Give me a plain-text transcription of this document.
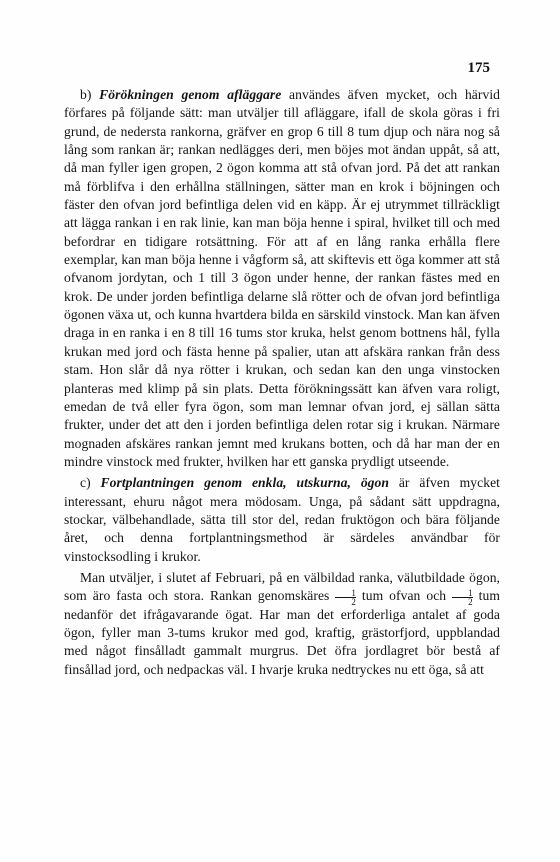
175

b) Förökningen genom afläggare användes äfven mycket, och härvid förfares på följande sätt: man utväljer till afläggare, ifall de skola göras i fri grund, de nedersta rankorna, gräfver en grop 6 till 8 tum djup och nära nog så lång som rankan är; rankan nedlägges deri, men böjes mot ändan uppåt, så att, då man fyller igen gropen, 2 ögon komma att stå ofvan jord. På det att rankan må förblifva i den erhållna ställningen, sätter man en krok i böjningen och fäster den ofvan jord befintliga delen vid en käpp. Är ej utrymmet tillräckligt att lägga rankan i en rak linie, kan man böja henne i spiral, hvilket till och med befordrar en tidigare rotsättning. För att af en lång ranka erhålla flere exemplar, kan man böja henne i vågform så, att skiftevis ett öga kommer att stå ofvanom jordytan, och 1 till 3 ögon under henne, der rankan fästes med en krok. De under jorden befintliga delarne slå rötter och de ofvan jord befintliga ögonen växa ut, och kunna hvartdera bilda en särskild vinstock. Man kan äfven draga in en ranka i en 8 till 16 tums stor kruka, helst genom bottnens hål, fylla krukan med jord och fästa henne på spalier, utan att afskära rankan från dess stam. Hon slår då nya rötter i krukan, och sedan kan den unga vinstocken planteras med klimp på sin plats. Detta förökningssätt kan äfven vara roligt, emedan de två eller fyra ögon, som man lemnar ofvan jord, ej sällan sätta frukter, under det att den i jorden befintliga delen rotar sig i krukan. Närmare mognaden afskäres rankan jemnt med krukans botten, och då har man der en mindre vinstock med frukter, hvilken har ett ganska prydligt utseende.

c) Fortplantningen genom enkla, utskurna, ögon är äfven mycket interessant, ehuru något mera mödosam. Unga, på sådant sätt uppdragna, stockar, välbehandlade, sätta till stor del, redan fruktögon och bära följande året, och denna fortplantningsmethod är särdeles användbar för vinstocksodling i krukor.

Man utväljer, i slutet af Februari, på en välbildad ranka, välutbildade ögon, som äro fasta och stora. Rankan genomskäres $\frac{1}{2}$ tum ofvan och $\frac{1}{2}$ tum nedanför det ifrågavarande ögat. Har man det erforderliga antalet af goda ögon, fyller man 3-tums krukor med god, kraftig, grästorfjord, uppblandad med något finsålladt gammalt murgrus. Det öfra jordlagret bör bestå af finsållad jord, och nedpackas väl. I hvarje kruka nedtryckes nu ett öga, så att
